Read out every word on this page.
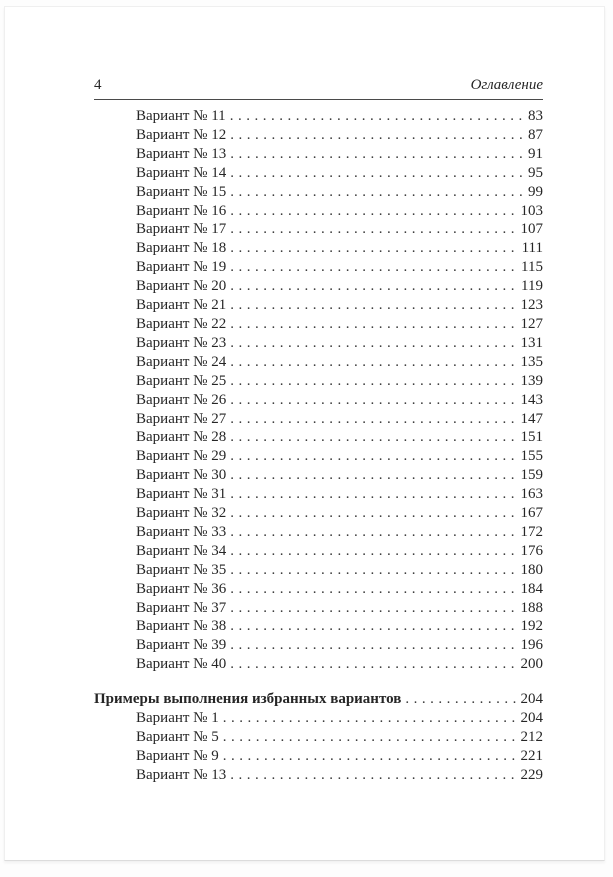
4	Оглавление
Вариант № 11 .....	83
Вариант № 12 .....	87
Вариант № 13 .....	91
Вариант № 14 .....	95
Вариант № 15 .....	99
Вариант № 16 .....	103
Вариант № 17 .....	107
Вариант № 18 .....	111
Вариант № 19 .....	115
Вариант № 20 .....	119
Вариант № 21 .....	123
Вариант № 22 .....	127
Вариант № 23 .....	131
Вариант № 24 .....	135
Вариант № 25 .....	139
Вариант № 26 .....	143
Вариант № 27 .....	147
Вариант № 28 .....	151
Вариант № 29 .....	155
Вариант № 30 .....	159
Вариант № 31 .....	163
Вариант № 32 .....	167
Вариант № 33 .....	172
Вариант № 34 .....	176
Вариант № 35 .....	180
Вариант № 36 .....	184
Вариант № 37 .....	188
Вариант № 38 .....	192
Вариант № 39 .....	196
Вариант № 40 .....	200
Примеры выполнения избранных вариантов .....	204
Вариант № 1 .....	204
Вариант № 5 .....	212
Вариант № 9 .....	221
Вариант № 13 .....	229
